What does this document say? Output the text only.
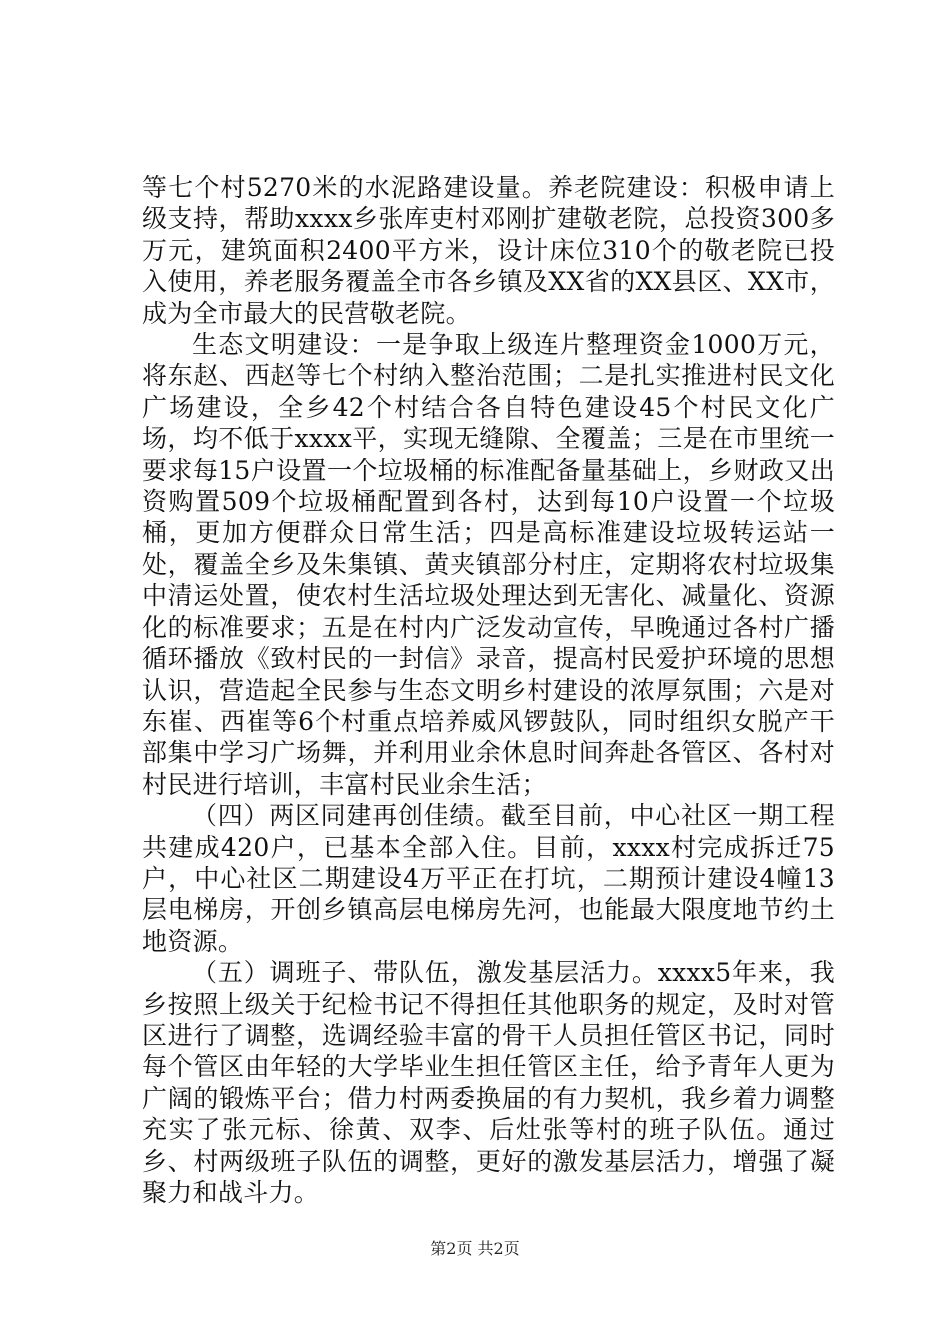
等七个村5270米的水泥路建设量。养老院建设：积极申请上级支持，帮助xxxx乡张库吏村邓刚扩建敬老院，总投资300多万元，建筑面积2400平方米，设计床位310个的敬老院已投入使用，养老服务覆盖全市各乡镇及XX省的XX县区、XX市，成为全市最大的民营敬老院。

生态文明建设：一是争取上级连片整理资金1000万元，将东赵、西赵等七个村纳入整治范围；二是扎实推进村民文化广场建设，全乡42个村结合各自特色建设45个村民文化广场，均不低于xxxx平，实现无缝隙、全覆盖；三是在市里统一要求每15户设置一个垃圾桶的标准配备量基础上，乡财政又出资购置509个垃圾桶配置到各村，达到每10户设置一个垃圾桶，更加方便群众日常生活；四是高标准建设垃圾转运站一处，覆盖全乡及朱集镇、黄夹镇部分村庄，定期将农村垃圾集中清运处置，使农村生活垃圾处理达到无害化、减量化、资源化的标准要求；五是在村内广泛发动宣传，早晚通过各村广播循环播放《致村民的一封信》录音，提高村民爱护环境的思想认识，营造起全民参与生态文明乡村建设的浓厚氛围；六是对东崔、西崔等6个村重点培养威风锣鼓队，同时组织女脱产干部集中学习广场舞，并利用业余休息时间奔赴各管区、各村对村民进行培训，丰富村民业余生活；

（四）两区同建再创佳绩。截至目前，中心社区一期工程共建成420户，已基本全部入住。目前，xxxx村完成拆迁75户，中心社区二期建设4万平正在打坑，二期预计建设4幢13层电梯房，开创乡镇高层电梯房先河，也能最大限度地节约土地资源。

（五）调班子、带队伍，激发基层活力。xxxx5年来，我乡按照上级关于纪检书记不得担任其他职务的规定，及时对管区进行了调整，选调经验丰富的骨干人员担任管区书记，同时每个管区由年轻的大学毕业生担任管区主任，给予青年人更为广阔的锻炼平台；借力村两委换届的有力契机，我乡着力调整充实了张元标、徐黄、双李、后灶张等村的班子队伍。通过乡、村两级班子队伍的调整，更好的激发基层活力，增强了凝聚力和战斗力。

第2页 共2页
